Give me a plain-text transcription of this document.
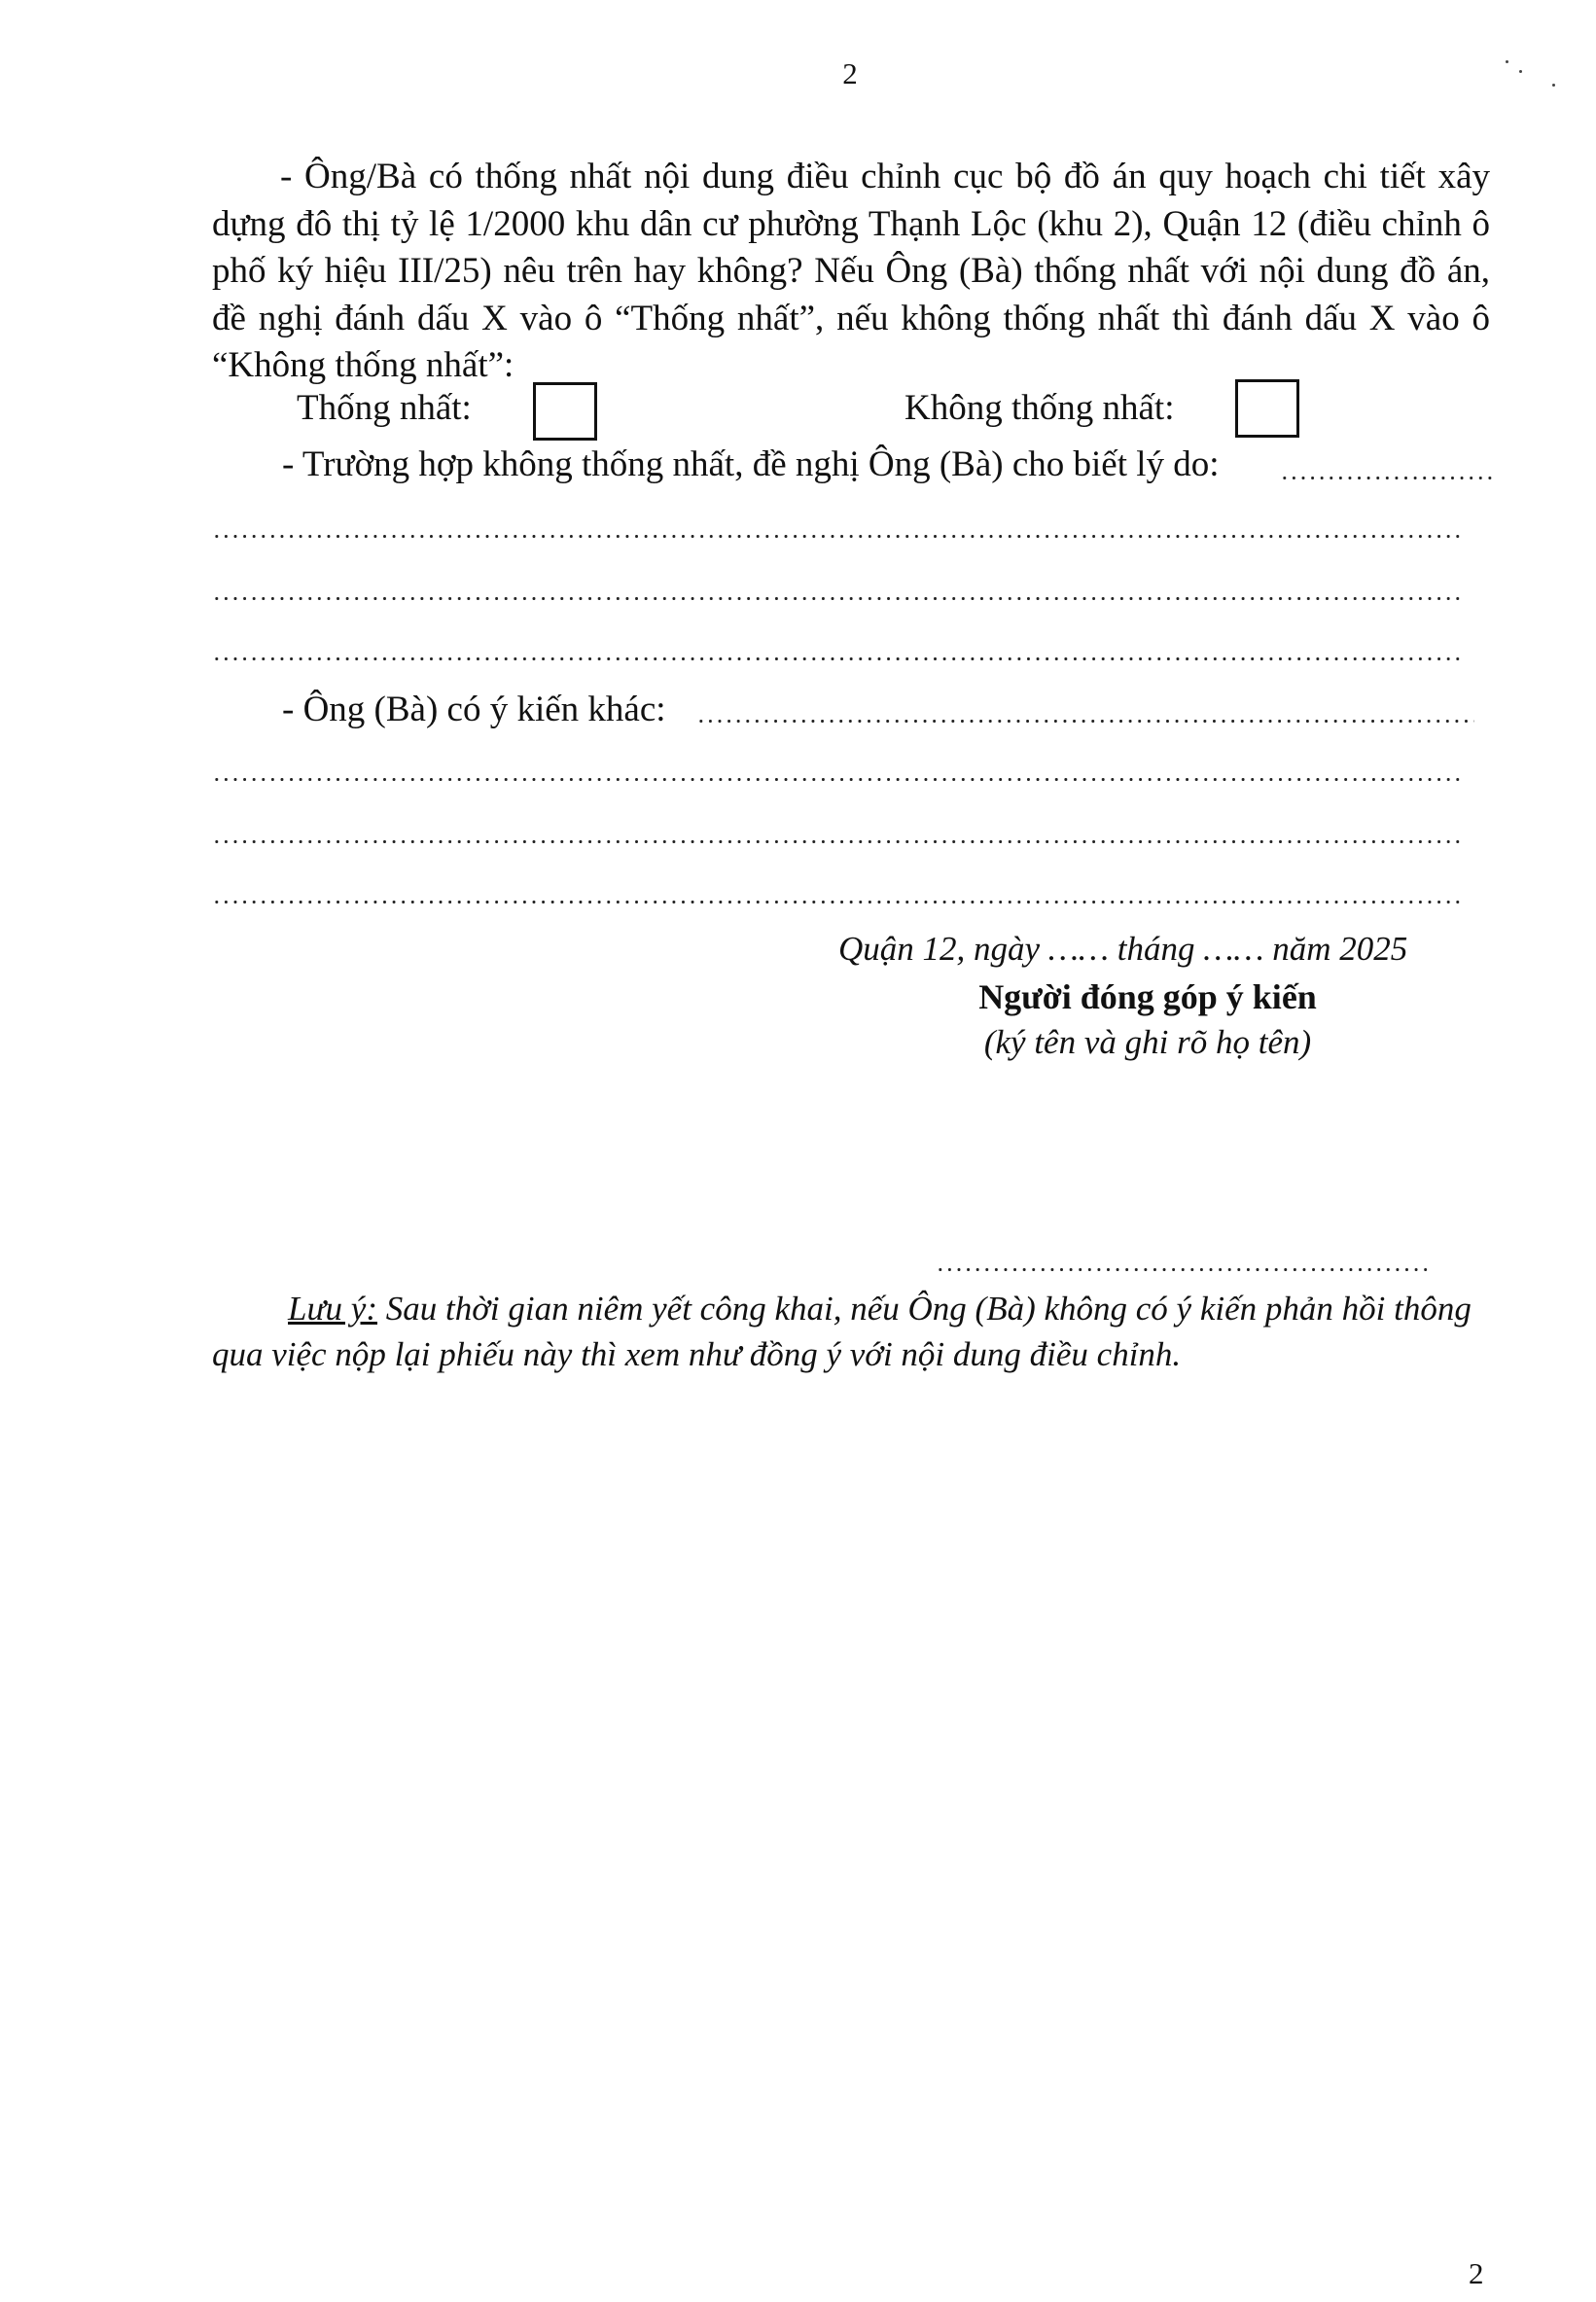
2
- Ông/Bà có thống nhất nội dung điều chỉnh cục bộ đồ án quy hoạch chi tiết xây dựng đô thị tỷ lệ 1/2000 khu dân cư phường Thạnh Lộc (khu 2), Quận 12 (điều chỉnh ô phố ký hiệu III/25) nêu trên hay không? Nếu Ông (Bà) thống nhất với nội dung đồ án, đề nghị đánh dấu X vào ô “Thống nhất”, nếu không thống nhất thì đánh dấu X vào ô “Không thống nhất”:
Thống nhất:	Không thống nhất:
- Trường hợp không thống nhất, đề nghị Ông (Bà) cho biết lý do:
- Ông (Bà) có ý kiến khác:
Quận 12, ngày …… tháng …… năm 2025
Người đóng góp ý kiến
(ký tên và ghi rõ họ tên)
Lưu ý: Sau thời gian niêm yết công khai, nếu Ông (Bà) không có ý kiến phản hồi thông qua việc nộp lại phiếu này thì xem như đồng ý với nội dung điều chỉnh.
2
